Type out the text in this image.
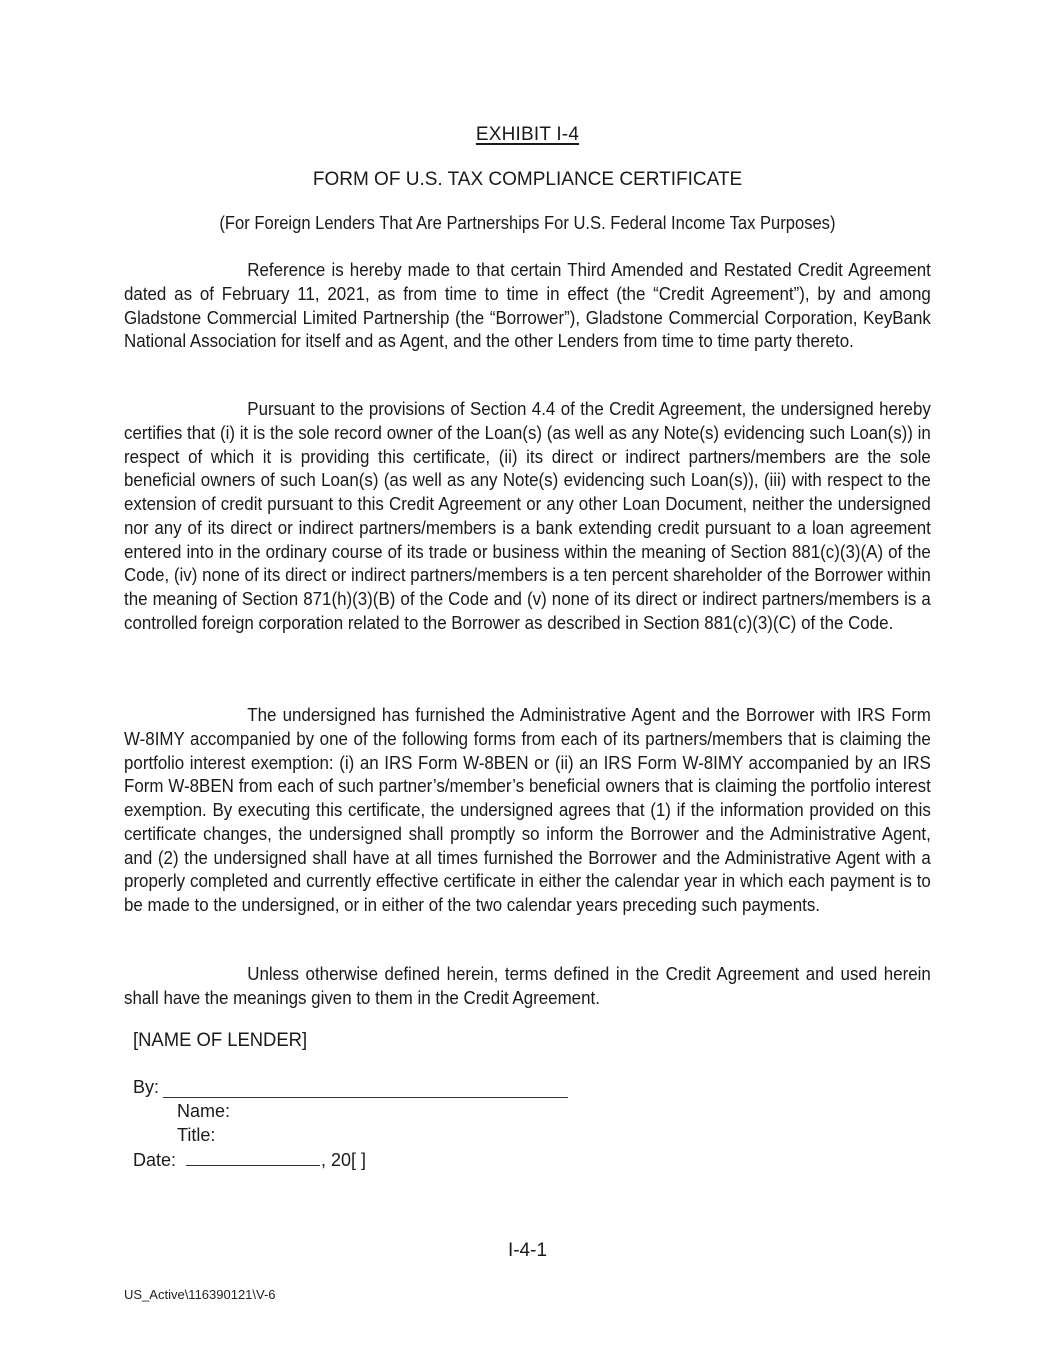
EXHIBIT I-4
FORM OF U.S. TAX COMPLIANCE CERTIFICATE
(For Foreign Lenders That Are Partnerships For U.S. Federal Income Tax Purposes)

Reference is hereby made to that certain Third Amended and Restated Credit Agreement dated as of February 11, 2021, as from time to time in effect (the “Credit Agreement”), by and among Gladstone Commercial Limited Partnership (the “Borrower”), Gladstone Commercial Corporation, KeyBank National Association for itself and as Agent, and the other Lenders from time to time party thereto.

Pursuant to the provisions of Section 4.4 of the Credit Agreement, the undersigned hereby certifies that (i) it is the sole record owner of the Loan(s) (as well as any Note(s) evidencing such Loan(s)) in respect of which it is providing this certificate, (ii) its direct or indirect partners/members are the sole beneficial owners of such Loan(s) (as well as any Note(s) evidencing such Loan(s)), (iii) with respect to the extension of credit pursuant to this Credit Agreement or any other Loan Document, neither the undersigned nor any of its direct or indirect partners/members is a bank extending credit pursuant to a loan agreement entered into in the ordinary course of its trade or business within the meaning of Section 881(c)(3)(A) of the Code, (iv) none of its direct or indirect partners/members is a ten percent shareholder of the Borrower within the meaning of Section 871(h)(3)(B) of the Code and (v) none of its direct or indirect partners/members is a controlled foreign corporation related to the Borrower as described in Section 881(c)(3)(C) of the Code.

The undersigned has furnished the Administrative Agent and the Borrower with IRS Form W-8IMY accompanied by one of the following forms from each of its partners/members that is claiming the portfolio interest exemption: (i) an IRS Form W-8BEN or (ii) an IRS Form W-8IMY accompanied by an IRS Form W-8BEN from each of such partner’s/member’s beneficial owners that is claiming the portfolio interest exemption. By executing this certificate, the undersigned agrees that (1) if the information provided on this certificate changes, the undersigned shall promptly so inform the Borrower and the Administrative Agent, and (2) the undersigned shall have at all times furnished the Borrower and the Administrative Agent with a properly completed and currently effective certificate in either the calendar year in which each payment is to be made to the undersigned, or in either of the two calendar years preceding such payments.

Unless otherwise defined herein, terms defined in the Credit Agreement and used herein shall have the meanings given to them in the Credit Agreement.

[NAME OF LENDER]
By:
Name:
Title:
Date:	, 20[ ]
I-4-1
US_Active\116390121\V-6
